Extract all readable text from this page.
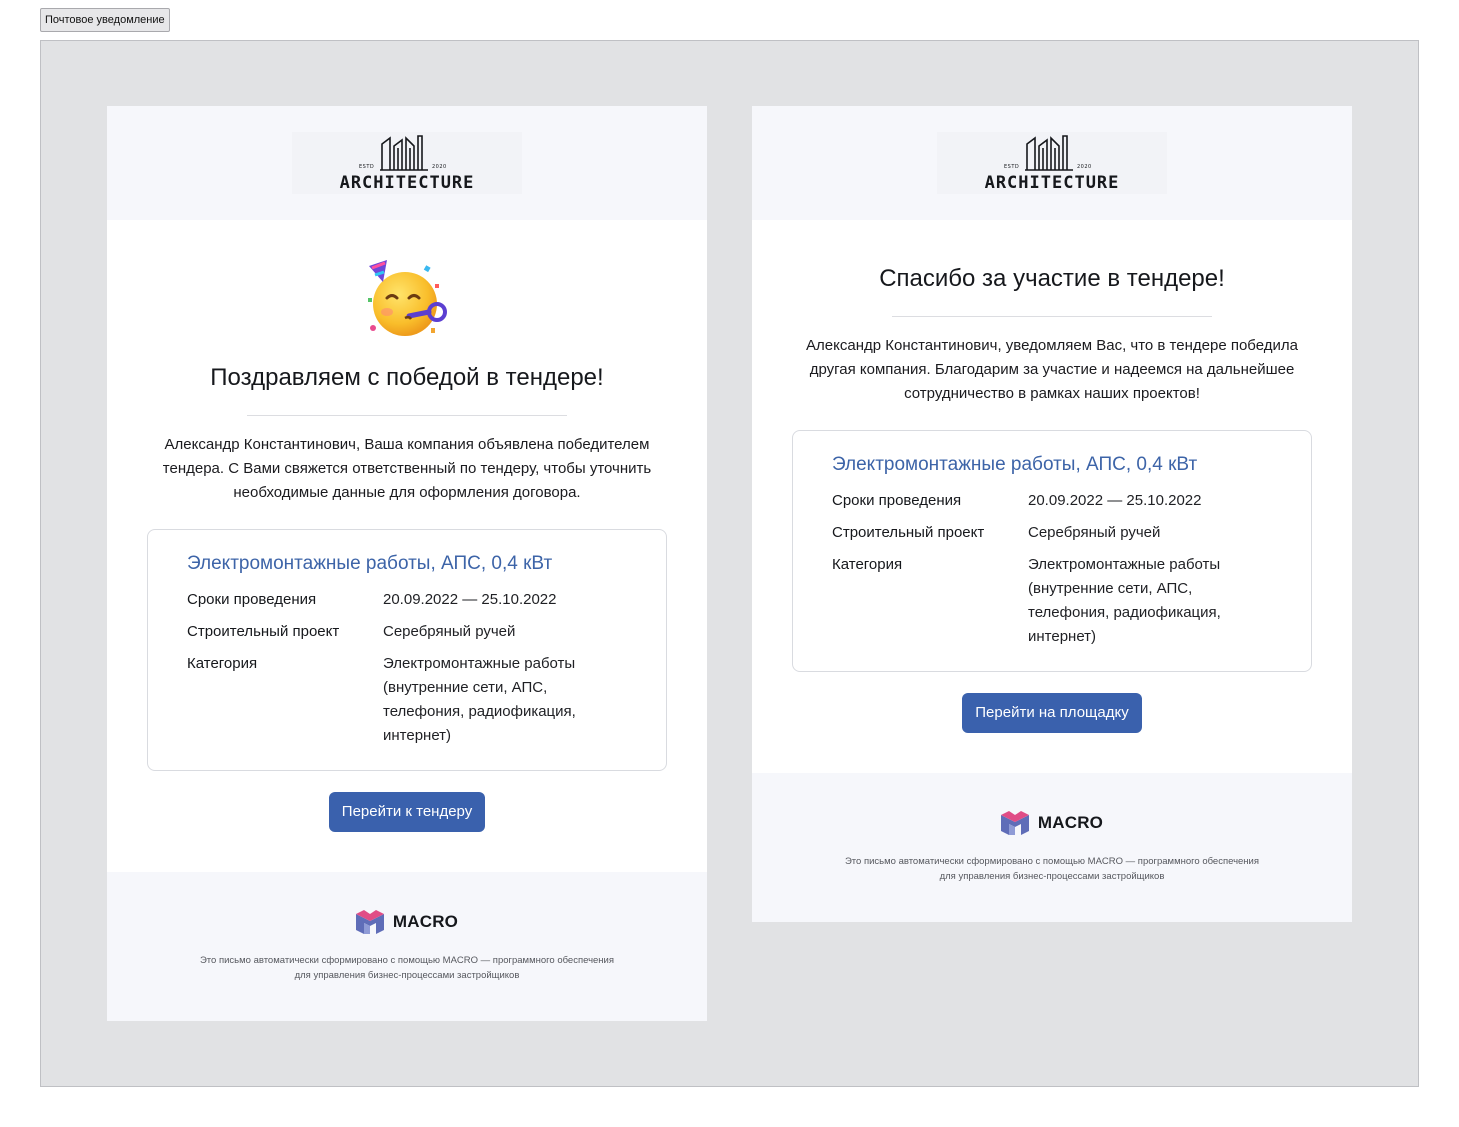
Почтовое уведомление
ESTD	2020
ARCHITECTURE
Поздравляем с победой в тендере!

Александр Константинович, Ваша компания объявлена победителем тендера. С Вами свяжется ответственный по тендеру, чтобы уточнить необходимые данные для оформления договора.

Электромонтажные работы, АПС, 0,4 кВт
Сроки проведения	20.09.2022 — 25.10.2022
Строительный проект	Серебряный ручей
Категория	Электромонтажные работы (внутренние сети, АПС, телефония, радиофикация, интернет)
Перейти к тендеру
MACRO
Это письмо автоматически сформировано с помощью MACRO — программного обеспечения
для управления бизнес-процессами застройщиков
ESTD	2020
ARCHITECTURE
Спасибо за участие в тендере!

Александр Константинович, уведомляем Вас, что в тендере победила другая компания. Благодарим за участие и надеемся на дальнейшее сотрудничество в рамках наших проектов!

Электромонтажные работы, АПС, 0,4 кВт
Сроки проведения	20.09.2022 — 25.10.2022
Строительный проект	Серебряный ручей
Категория	Электромонтажные работы (внутренние сети, АПС, телефония, радиофикация, интернет)
Перейти на площадку
MACRO
Это письмо автоматически сформировано с помощью MACRO — программного обеспечения
для управления бизнес-процессами застройщиков
